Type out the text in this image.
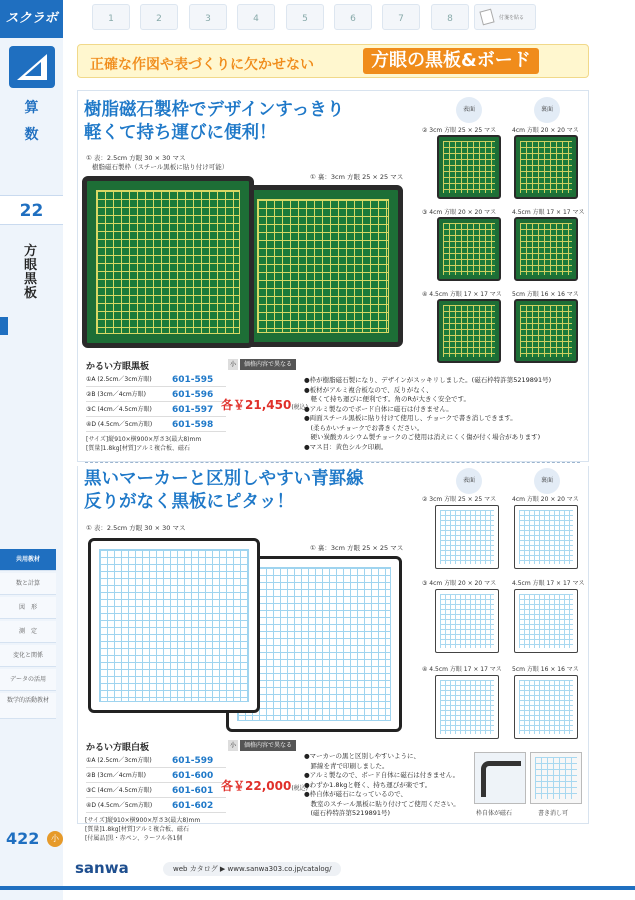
スクラボ
算
数
22
方眼黒板
共用教材
数と計算
図　形
測　定
変化と関係
データの活用
数学的活動教材
422	小
1	2	3	4	5	6	7	8	付箋を貼る
正確な作図や表づくりに欠かせない	方眼の黒板&ボード
樹脂磁石製枠でデザインすっきり
軽くて持ち運びに便利！
① 表：2.5cm 方眼 30 × 30 マス
樹脂磁石製枠（スチール黒板に貼り付け可能）
① 裏：3cm 方眼 25 × 25 マス
表面	裏面
② 3cm 方眼 25 × 25 マス	4cm 方眼 20 × 20 マス
③ 4cm 方眼 20 × 20 マス	4.5cm 方眼 17 × 17 マス
④ 4.5cm 方眼 17 × 17 マス 5cm 方眼 16 × 16 マス
かるい方眼黒板	小	価格内容で異なる
①A (2.5cm／3cm方眼) 601-595
②B (3cm／4cm方眼)	601-596
③C (4cm／4.5cm方眼) 601-597
④D (4.5cm／5cm方眼) 601-598
各￥21,450(税込)
[サイズ]縦910×横900×厚さ3(最大8)mm
[質量]1.8kg[材質]アルミ複合板、磁石
●枠が樹脂磁石製になり、デザインがスッキリしました。(磁石枠特許第5219891号)
●板材がアルミ複合板なので、反りがなく、
　軽くて持ち運びに便利です。角のRが大きく安全です。
●アルミ製なのでボード自体に磁石は付きません。
●両面スチール黒板に貼り付けて使用し、チョークで書き消しできます。
　(柔らかいチョークでお書きください。
　硬い炭酸カルシウム製チョークのご使用は消えにくく傷が付く場合があります)
●マス目：黄色シルク印刷。
黒いマーカーと区別しやすい青罫線
反りがなく黒板にピタッ！
① 表：2.5cm 方眼 30 × 30 マス
① 裏：3cm 方眼 25 × 25 マス
表面	裏面
② 3cm 方眼 25 × 25 マス	4cm 方眼 20 × 20 マス
③ 4cm 方眼 20 × 20 マス	4.5cm 方眼 17 × 17 マス
④ 4.5cm 方眼 17 × 17 マス 5cm 方眼 16 × 16 マス
かるい方眼白板	小	価格内容で異なる
①A (2.5cm／3cm方眼) 601-599
②B (3cm／4cm方眼)	601-600
③C (4cm／4.5cm方眼) 601-601
④D (4.5cm／5cm方眼) 601-602
各￥22,000(税込)
●マーカーの黒と区別しやすいように、
　罫線を青で印刷しました。
●アルミ製なので、ボード自体に磁石は付きません。
●わずか1.8kgと軽く、持ち運びが楽です。
●枠自体が磁石になっているので、
　教室のスチール黒板に貼り付けてご使用ください。
　(磁石枠特許第5219891号)	枠自体が磁石	書き消し可
[サイズ]縦910×横900×厚さ3(最大8)mm
[質量]1.8kg[材質]アルミ複合板、磁石
[付属品]黒・赤ペン、ラーフル各1個
sanwa	web カタログ ▶ www.sanwa303.co.jp/catalog/
